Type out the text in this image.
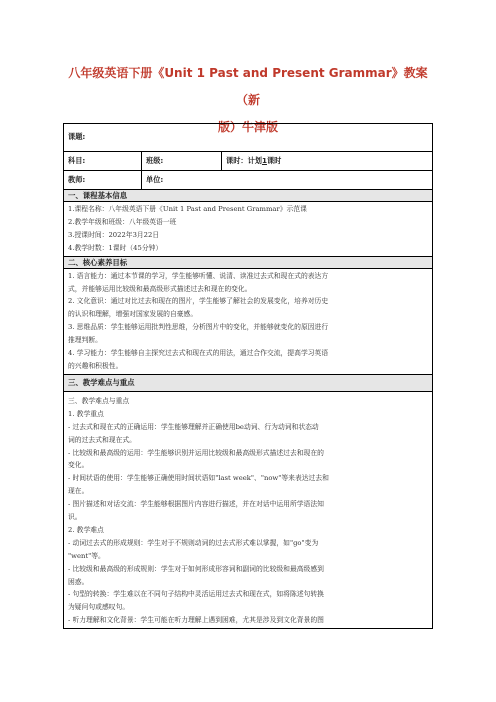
八年级英语下册《Unit 1 Past and Present Grammar》教案 （新
版）牛津版
课题:
科目:	班级:	课时：计划 1 课时
教师:	单位:
一、课程基本信息
1.课程名称：八年级英语下册《Unit 1 Past and Present Grammar》示范课
2.教学年级和班级：八年级英语一班
3.授课时间：2022年3月22日
4.教学时数：1课时（45分钟）
二、核心素养目标
1. 语言能力：通过本节课的学习，学生能够听懂、说清、读准过去式和现在式的表达方
式，并能够运用比较级和最高级形式描述过去和现在的变化。
2. 文化意识：通过对比过去和现在的图片，学生能够了解社会的发展变化，培养对历史
的认识和理解，增强对国家发展的自豪感。
3. 思维品质：学生能够运用批判性思维，分析图片中的变化，并能够就变化的原因进行
推理判断。
4. 学习能力：学生能够自主探究过去式和现在式的用法，通过合作交流，提高学习英语
的兴趣和积极性。
三、教学难点与重点
三、教学难点与重点
1. 教学重点
- 过去式和现在式的正确运用：学生能够理解并正确使用be动词、行为动词和状态动
词的过去式和现在式。
- 比较级和最高级的运用：学生能够识别并运用比较级和最高级形式描述过去和现在的
变化。
- 时间状语的使用：学生能够正确使用时间状语如"last week"、"now"等来表达过去和
现在。
- 图片描述和对话交流：学生能够根据图片内容进行描述，并在对话中运用所学语法知
识。
2. 教学难点
- 动词过去式的形成规则：学生对于不规则动词的过去式形式难以掌握，如"go"变为
"went"等。
- 比较级和最高级的形成规则：学生对于如何形成形容词和副词的比较级和最高级感到
困惑。
- 句型的转换：学生难以在不同句子结构中灵活运用过去式和现在式，如将陈述句转换
为疑问句或感叹句。
- 听力理解和文化背景：学生可能在听力理解上遇到困难，尤其是涉及到文化背景的图
